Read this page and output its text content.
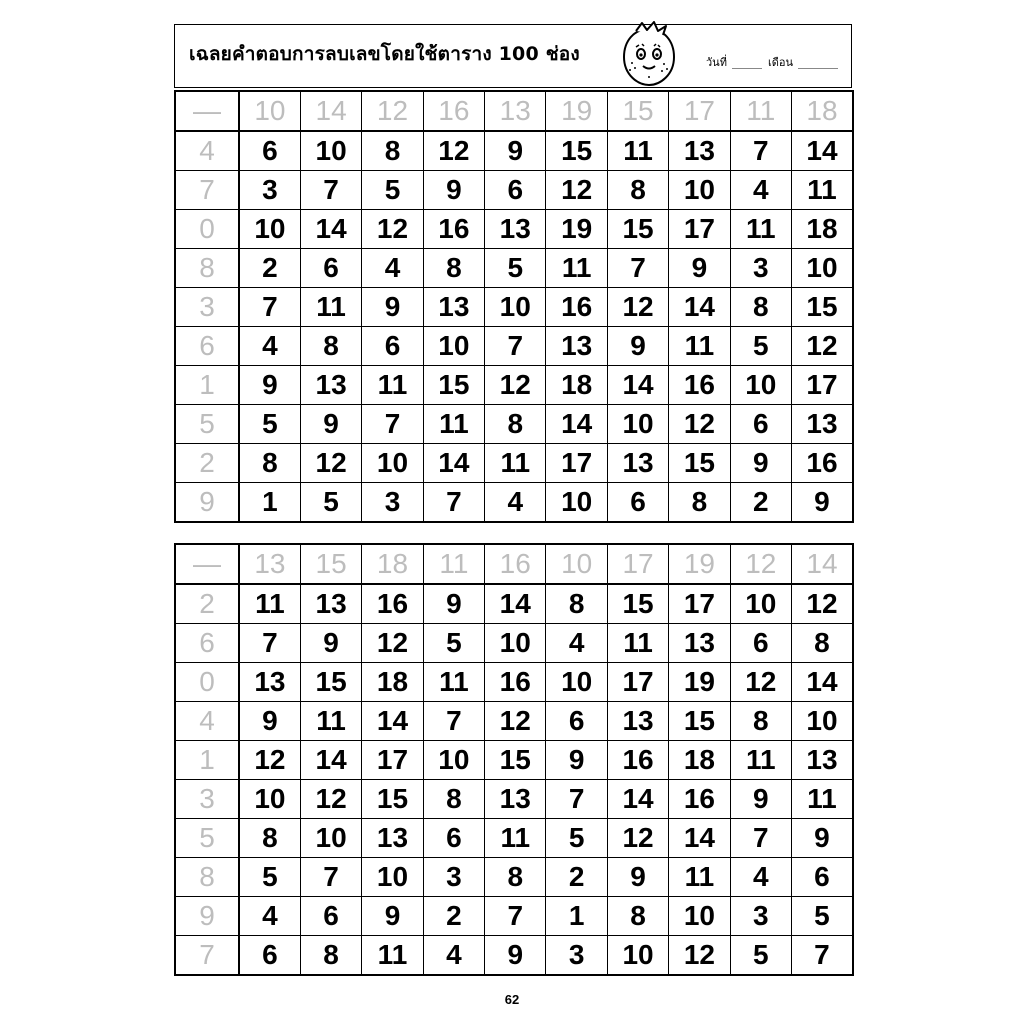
เฉลยคำตอบการลบเลขโดยใช้ตาราง 100 ช่อง	วันที่	เดือน
—	10	14	12	16	13	19	15	17	11	18
4	6	10	8	12	9	15	11	13	7	14
7	3	7	5	9	6	12	8	10	4	11
0	10	14	12	16	13	19	15	17	11	18
8	2	6	4	8	5	11	7	9	3	10
3	7	11	9	13	10	16	12	14	8	15
6	4	8	6	10	7	13	9	11	5	12
1	9	13	11	15	12	18	14	16	10	17
5	5	9	7	11	8	14	10	12	6	13
2	8	12	10	14	11	17	13	15	9	16
9	1	5	3	7	4	10	6	8	2	9
—	13	15	18	11	16	10	17	19	12	14
2	11	13	16	9	14	8	15	17	10	12
6	7	9	12	5	10	4	11	13	6	8
0	13	15	18	11	16	10	17	19	12	14
4	9	11	14	7	12	6	13	15	8	10
1	12	14	17	10	15	9	16	18	11	13
3	10	12	15	8	13	7	14	16	9	11
5	8	10	13	6	11	5	12	14	7	9
8	5	7	10	3	8	2	9	11	4	6
9	4	6	9	2	7	1	8	10	3	5
7	6	8	11	4	9	3	10	12	5	7
62
